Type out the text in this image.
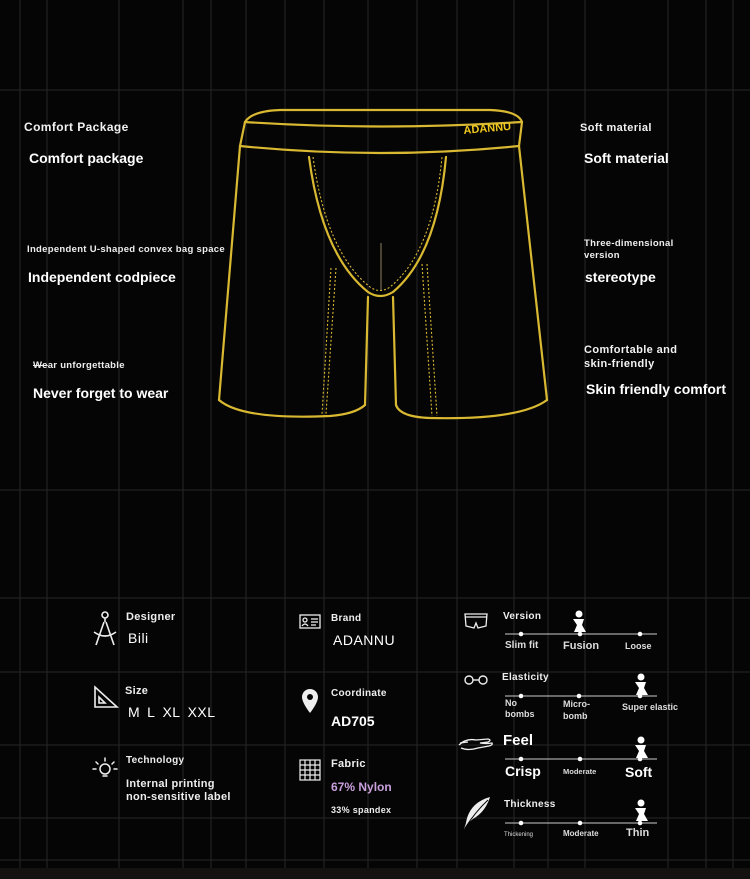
ADANNU
Comfort Package
Comfort package
Independent U-shaped convex bag space
Independent codpiece
Wear unforgettable
Never forget to wear
Soft material
Soft material
Three-dimensional
version
stereotype
Comfortable and
skin-friendly
Skin friendly comfort
Designer
Bili
Size
M L XL XXL
Technology
Internal printing
non-sensitive label
Brand
ADANNU
Coordinate
AD705
Fabric
67% Nylon
33% spandex
Version
Slim fit Fusion	Loose
Elasticity
No
bombs
Micro-
bomb
Super elastic
Feel
Crisp	Moderate Soft
Thickness
Thickening	Moderate Thin
